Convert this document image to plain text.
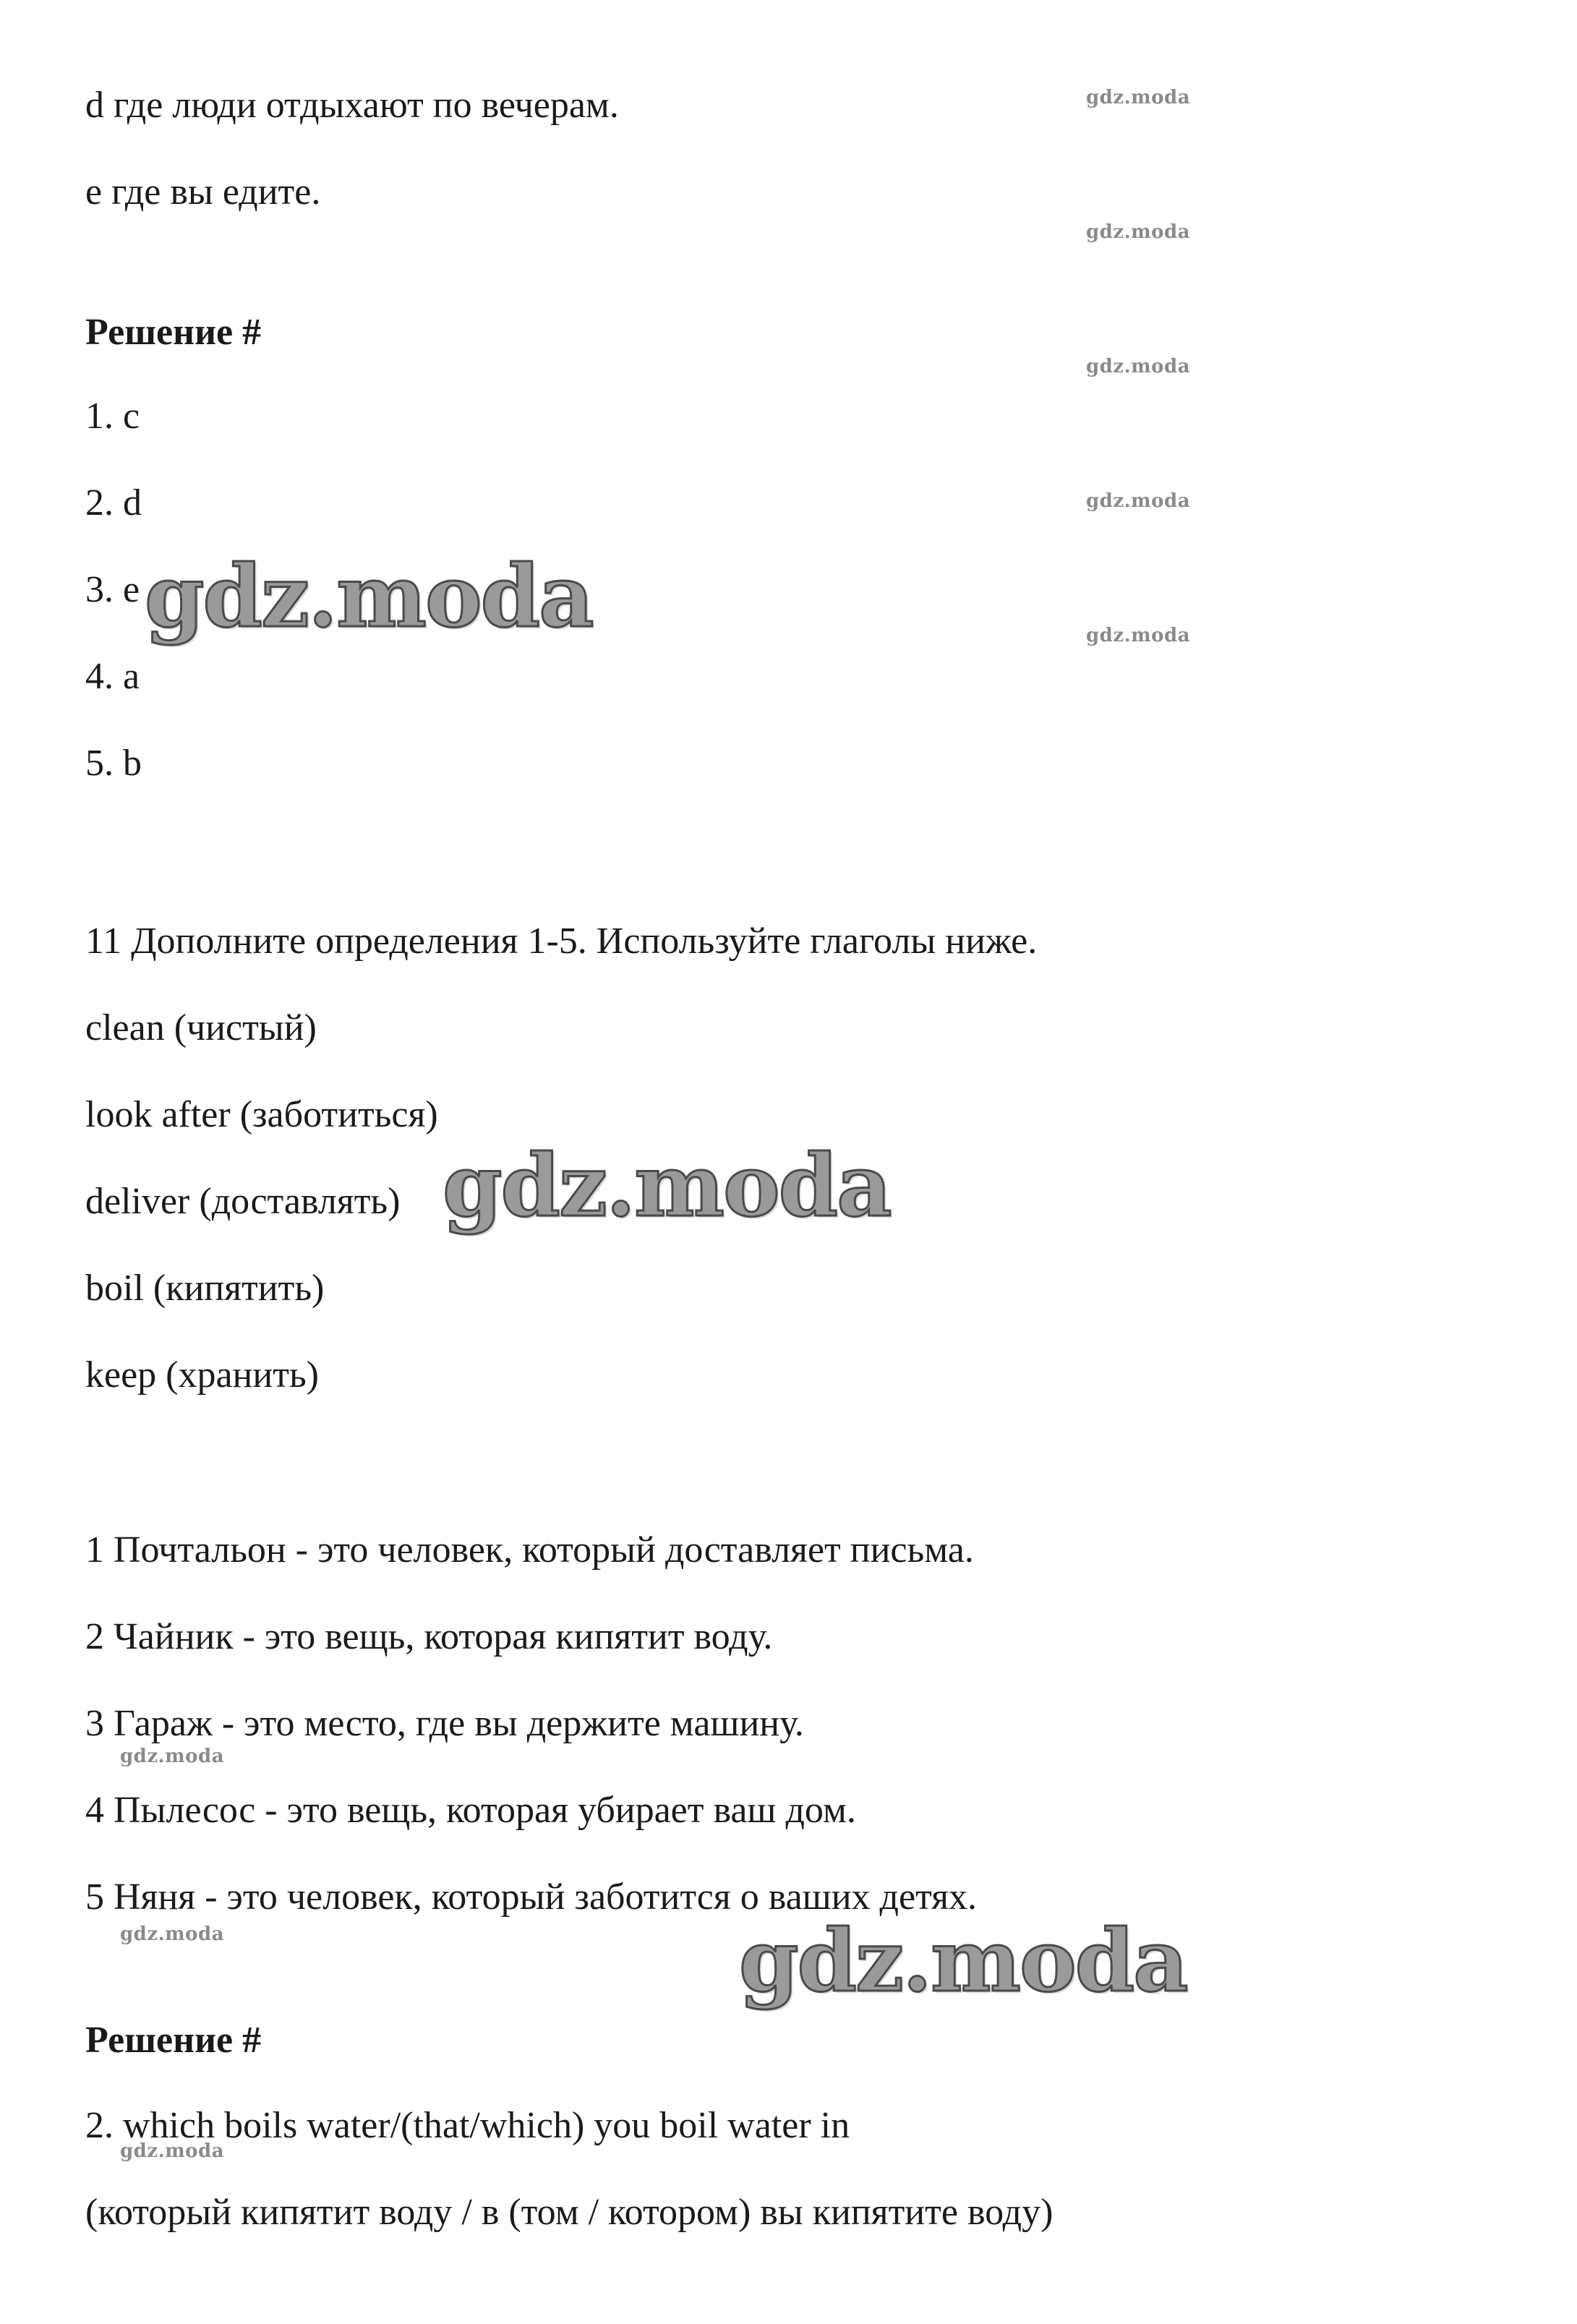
d где люди отдыхают по вечерам.
e где вы едите.
Решение #
1. c
2. d
3. e
4. a
5. b
11 Дополните определения 1-5. Используйте глаголы ниже.
clean (чистый)
look after (заботиться)
deliver (доставлять)
boil (кипятить)
keep (хранить)
1 Почтальон - это человек, который доставляет письма.
2 Чайник - это вещь, которая кипятит воду.
3 Гараж - это место, где вы держите машину.
4 Пылесос - это вещь, которая убирает ваш дом.
5 Няня - это человек, который заботится о ваших детях.
Решение #
2. which boils water/(that/which) you boil water in
(который кипятит воду / в (том / котором) вы кипятите воду)
gdz.moda
gdz.moda
gdz.moda
gdz.moda
gdz.moda
gdz.moda
gdz.moda
gdz.moda
gdz.moda
gdz.moda
gdz.moda
